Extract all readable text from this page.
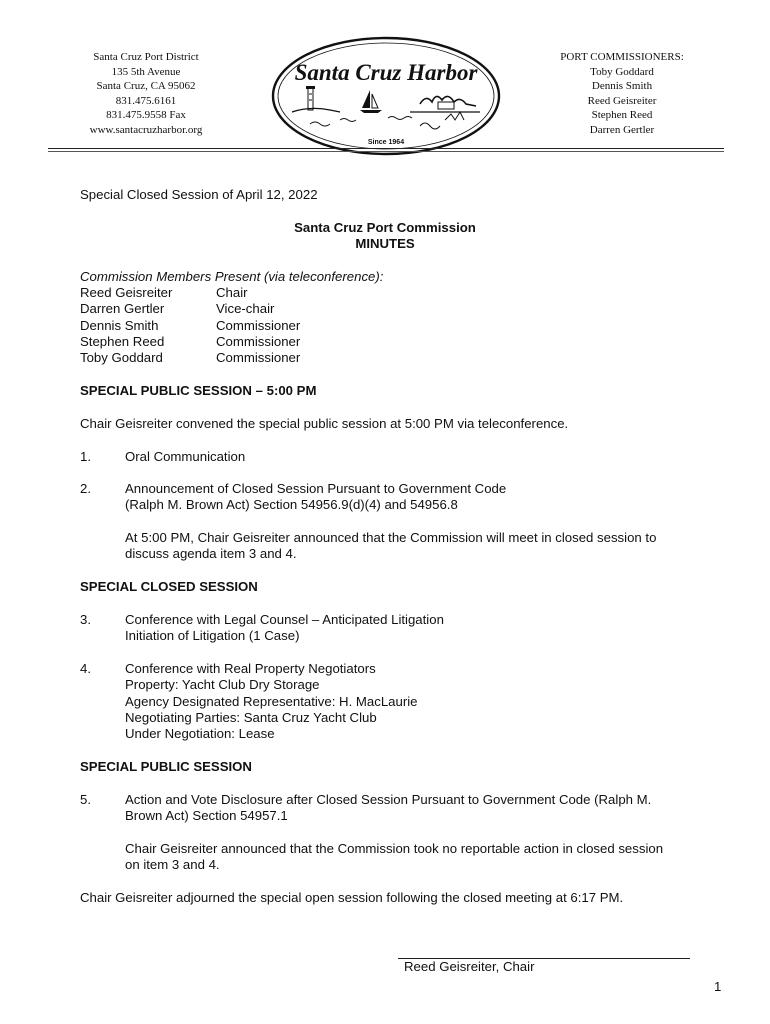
Santa Cruz Port District
135 5th Avenue
Santa Cruz, CA 95062
831.475.6161
831.475.9558 Fax
www.santacruzharbor.org
Santa Cruz Harbor
Since 1964
PORT COMMISSIONERS:
Toby Goddard
Dennis Smith
Reed Geisreiter
Stephen Reed
Darren Gertler
Special Closed Session of April 12, 2022
Santa Cruz Port Commission
MINUTES
Commission Members Present (via teleconference):
Reed Geisreiter	Chair
Darren Gertler	Vice-chair
Dennis Smith	Commissioner
Stephen Reed	Commissioner
Toby Goddard	Commissioner
SPECIAL PUBLIC SESSION – 5:00 PM
Chair Geisreiter convened the special public session at 5:00 PM via teleconference.
1.	Oral Communication
2.	Announcement of Closed Session Pursuant to Government Code
(Ralph M. Brown Act) Section 54956.9(d)(4) and 54956.8
At 5:00 PM, Chair Geisreiter announced that the Commission will meet in closed session to
discuss agenda item 3 and 4.
SPECIAL CLOSED SESSION
3.	Conference with Legal Counsel – Anticipated Litigation
Initiation of Litigation (1 Case)
4.	Conference with Real Property Negotiators
Property: Yacht Club Dry Storage
Agency Designated Representative: H. MacLaurie
Negotiating Parties: Santa Cruz Yacht Club
Under Negotiation: Lease
SPECIAL PUBLIC SESSION
5.	Action and Vote Disclosure after Closed Session Pursuant to Government Code (Ralph M.
Brown Act) Section 54957.1
Chair Geisreiter announced that the Commission took no reportable action in closed session
on item 3 and 4.
Chair Geisreiter adjourned the special open session following the closed meeting at 6:17 PM.
Reed Geisreiter, Chair
1
